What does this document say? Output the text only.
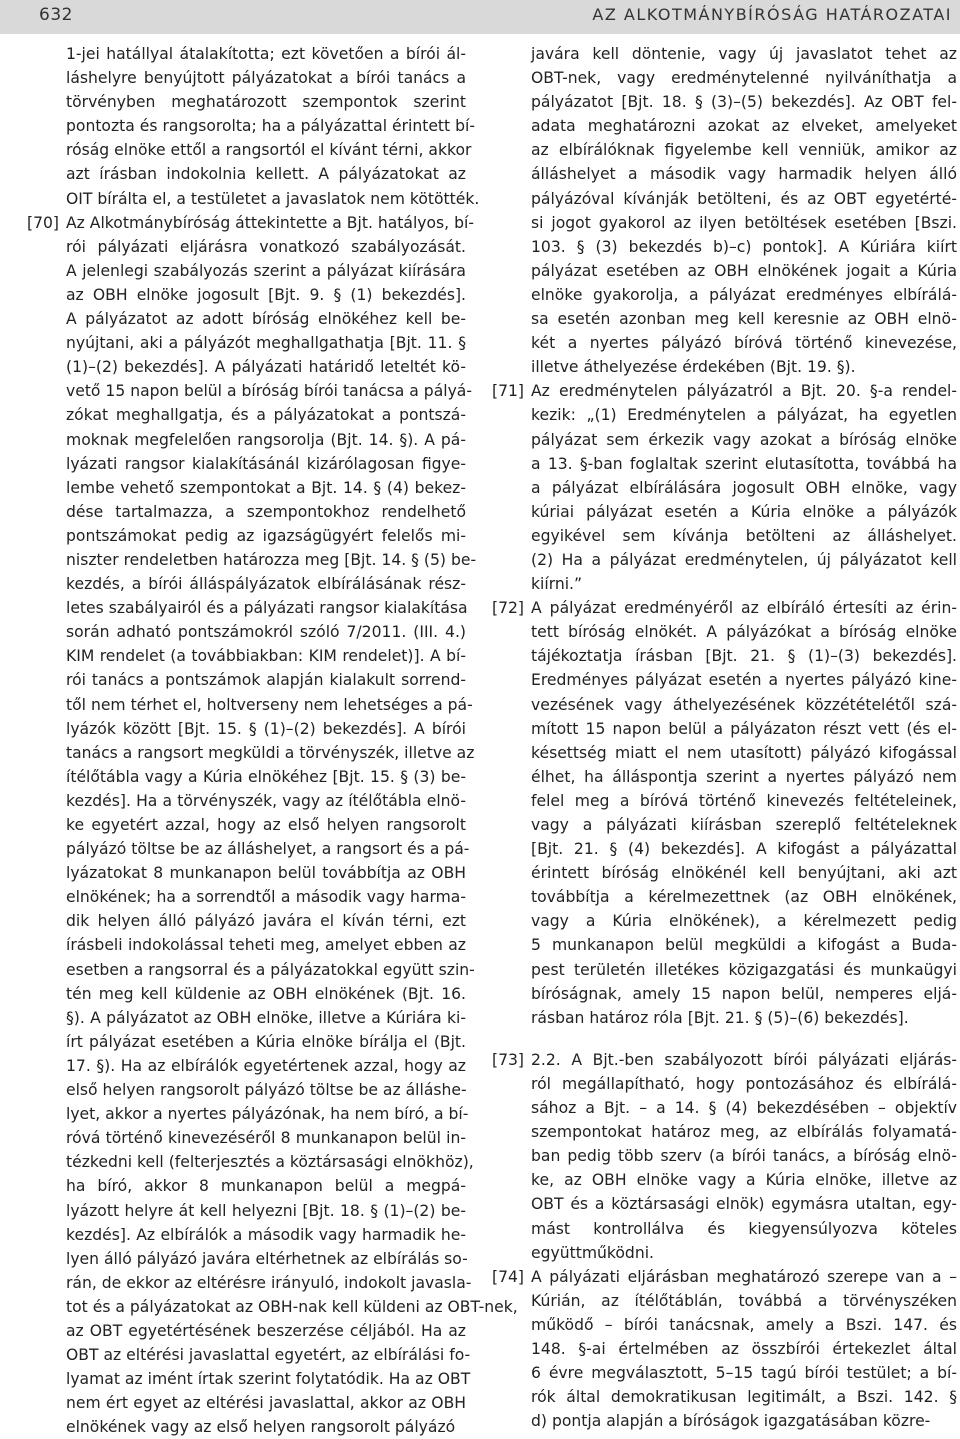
632	AZ ALKOTMÁNYBÍRÓSÁG HATÁROZATAI
1-jei hatállyal átalakította; ezt követően a bírói ál-
láshelyre benyújtott pályázatokat a bírói tanács a
törvényben meghatározott szempontok szerint
pontozta és rangsorolta; ha a pályázattal érintett bí-
róság elnöke ettől a rangsortól el kívánt térni, akkor
azt írásban indokolnia kellett. A pályázatokat az
OIT bírálta el, a testületet a javaslatok nem kötötték.
[70] Az Alkotmánybíróság áttekintette a Bjt. hatályos, bí-
rói pályázati eljárásra vonatkozó szabályozását.
A jelenlegi szabályozás szerint a pályázat kiírására
az OBH elnöke jogosult [Bjt. 9. § (1) bekezdés].
A pályázatot az adott bíróság elnökéhez kell be-
nyújtani, aki a pályázót meghallgathatja [Bjt. 11. §
(1)–(2) bekezdés]. A pályázati határidő leteltét kö-
vető 15 napon belül a bíróság bírói tanácsa a pályá-
zókat meghallgatja, és a pályázatokat a pontszá-
moknak megfelelően rangsorolja (Bjt. 14. §). A pá-
lyázati rangsor kialakításánál kizárólagosan figye-
lembe vehető szempontokat a Bjt. 14. § (4) bekez-
dése tartalmazza, a szempontokhoz rendelhető
pontszámokat pedig az igazságügyért felelős mi-
niszter rendeletben határozza meg [Bjt. 14. § (5) be-
kezdés, a bírói álláspályázatok elbírálásának rész-
letes szabályairól és a pályázati rangsor kialakítása
során adható pontszámokról szóló 7/2011. (III. 4.)
KIM rendelet (a továbbiakban: KIM rendelet)]. A bí-
rói tanács a pontszámok alapján kialakult sorrend-
től nem térhet el, holtverseny nem lehetséges a pá-
lyázók között [Bjt. 15. § (1)–(2) bekezdés]. A bírói
tanács a rangsort megküldi a törvényszék, illetve az
ítélőtábla vagy a Kúria elnökéhez [Bjt. 15. § (3) be-
kezdés]. Ha a törvényszék, vagy az ítélőtábla elnö-
ke egyetért azzal, hogy az első helyen rangsorolt
pályázó töltse be az álláshelyet, a rangsort és a pá-
lyázatokat 8 munkanapon belül továbbítja az OBH
elnökének; ha a sorrendtől a második vagy harma-
dik helyen álló pályázó javára el kíván térni, ezt
írásbeli indokolással teheti meg, amelyet ebben az
esetben a rangsorral és a pályázatokkal együtt szin-
tén meg kell küldenie az OBH elnökének (Bjt. 16.
§). A pályázatot az OBH elnöke, illetve a Kúriára ki-
írt pályázat esetében a Kúria elnöke bírálja el (Bjt.
17. §). Ha az elbírálók egyetértenek azzal, hogy az
első helyen rangsorolt pályázó töltse be az álláshe-
lyet, akkor a nyertes pályázónak, ha nem bíró, a bí-
róvá történő kinevezéséről 8 munkanapon belül in-
tézkedni kell (felterjesztés a köztársasági elnökhöz),
ha bíró, akkor 8 munkanapon belül a megpá-
lyázott helyre át kell helyezni [Bjt. 18. § (1)–(2) be-
kezdés]. Az elbírálók a második vagy harmadik he-
lyen álló pályázó javára eltérhetnek az elbírálás so-
rán, de ekkor az eltérésre irányuló, indokolt javasla-
tot és a pályázatokat az OBH-nak kell küldeni az OBT-nek,
az OBT egyetértésének beszerzése céljából. Ha az
OBT az eltérési javaslattal egyetért, az elbírálási fo-
lyamat az imént írtak szerint folytatódik. Ha az OBT
nem ért egyet az eltérési javaslattal, akkor az OBH
elnökének vagy az első helyen rangsorolt pályázó
javára kell döntenie, vagy új javaslatot tehet az
OBT-nek, vagy eredménytelenné nyilváníthatja a
pályázatot [Bjt. 18. § (3)–(5) bekezdés]. Az OBT fel-
adata meghatározni azokat az elveket, amelyeket
az elbírálóknak figyelembe kell venniük, amikor az
álláshelyet a második vagy harmadik helyen álló
pályázóval kívánják betölteni, és az OBT egyetérté-
si jogot gyakorol az ilyen betöltések esetében [Bszi.
103. § (3) bekezdés b)–c) pontok]. A Kúriára kiírt
pályázat esetében az OBH elnökének jogait a Kúria
elnöke gyakorolja, a pályázat eredményes elbírálá-
sa esetén azonban meg kell keresnie az OBH elnö-
két a nyertes pályázó bíróvá történő kinevezése,
illetve áthelyezése érdekében (Bjt. 19. §).
[71] Az eredménytelen pályázatról a Bjt. 20. §-a rendel-
kezik: „(1) Eredménytelen a pályázat, ha egyetlen
pályázat sem érkezik vagy azokat a bíróság elnöke
a 13. §-ban foglaltak szerint elutasította, továbbá ha
a pályázat elbírálására jogosult OBH elnöke, vagy
kúriai pályázat esetén a Kúria elnöke a pályázók
egyikével sem kívánja betölteni az álláshelyet.
(2) Ha a pályázat eredménytelen, új pályázatot kell
kiírni.”
[72] A pályázat eredményéről az elbíráló értesíti az érin-
tett bíróság elnökét. A pályázókat a bíróság elnöke
tájékoztatja írásban [Bjt. 21. § (1)–(3) bekezdés].
Eredményes pályázat esetén a nyertes pályázó kine-
vezésének vagy áthelyezésének közzétételétől szá-
mított 15 napon belül a pályázaton részt vett (és el-
késettség miatt el nem utasított) pályázó kifogással
élhet, ha álláspontja szerint a nyertes pályázó nem
felel meg a bíróvá történő kinevezés feltételeinek,
vagy a pályázati kiírásban szereplő feltételeknek
[Bjt. 21. § (4) bekezdés]. A kifogást a pályázattal
érintett bíróság elnökénél kell benyújtani, aki azt
továbbítja a kérelmezettnek (az OBH elnökének,
vagy a Kúria elnökének), a kérelmezett pedig
5 munkanapon belül megküldi a kifogást a Buda-
pest területén illetékes közigazgatási és munkaügyi
bíróságnak, amely 15 napon belül, nemperes eljá-
rásban határoz róla [Bjt. 21. § (5)–(6) bekezdés].
[73] 2.2. A Bjt.-ben szabályozott bírói pályázati eljárás-
ról megállapítható, hogy pontozásához és elbírálá-
sához a Bjt. – a 14. § (4) bekezdésében – objektív
szempontokat határoz meg, az elbírálás folyamatá-
ban pedig több szerv (a bírói tanács, a bíróság elnö-
ke, az OBH elnöke vagy a Kúria elnöke, illetve az
OBT és a köztársasági elnök) egymásra utaltan, egy-
mást kontrollálva és kiegyensúlyozva köteles
együttműködni.
[74] A pályázati eljárásban meghatározó szerepe van a –
Kúrián, az ítélőtáblán, továbbá a törvényszéken
működő – bírói tanácsnak, amely a Bszi. 147. és
148. §-ai értelmében az összbírói értekezlet által
6 évre megválasztott, 5–15 tagú bírói testület; a bí-
rók által demokratikusan legitimált, a Bszi. 142. §
d) pontja alapján a bíróságok igazgatásában közre-
